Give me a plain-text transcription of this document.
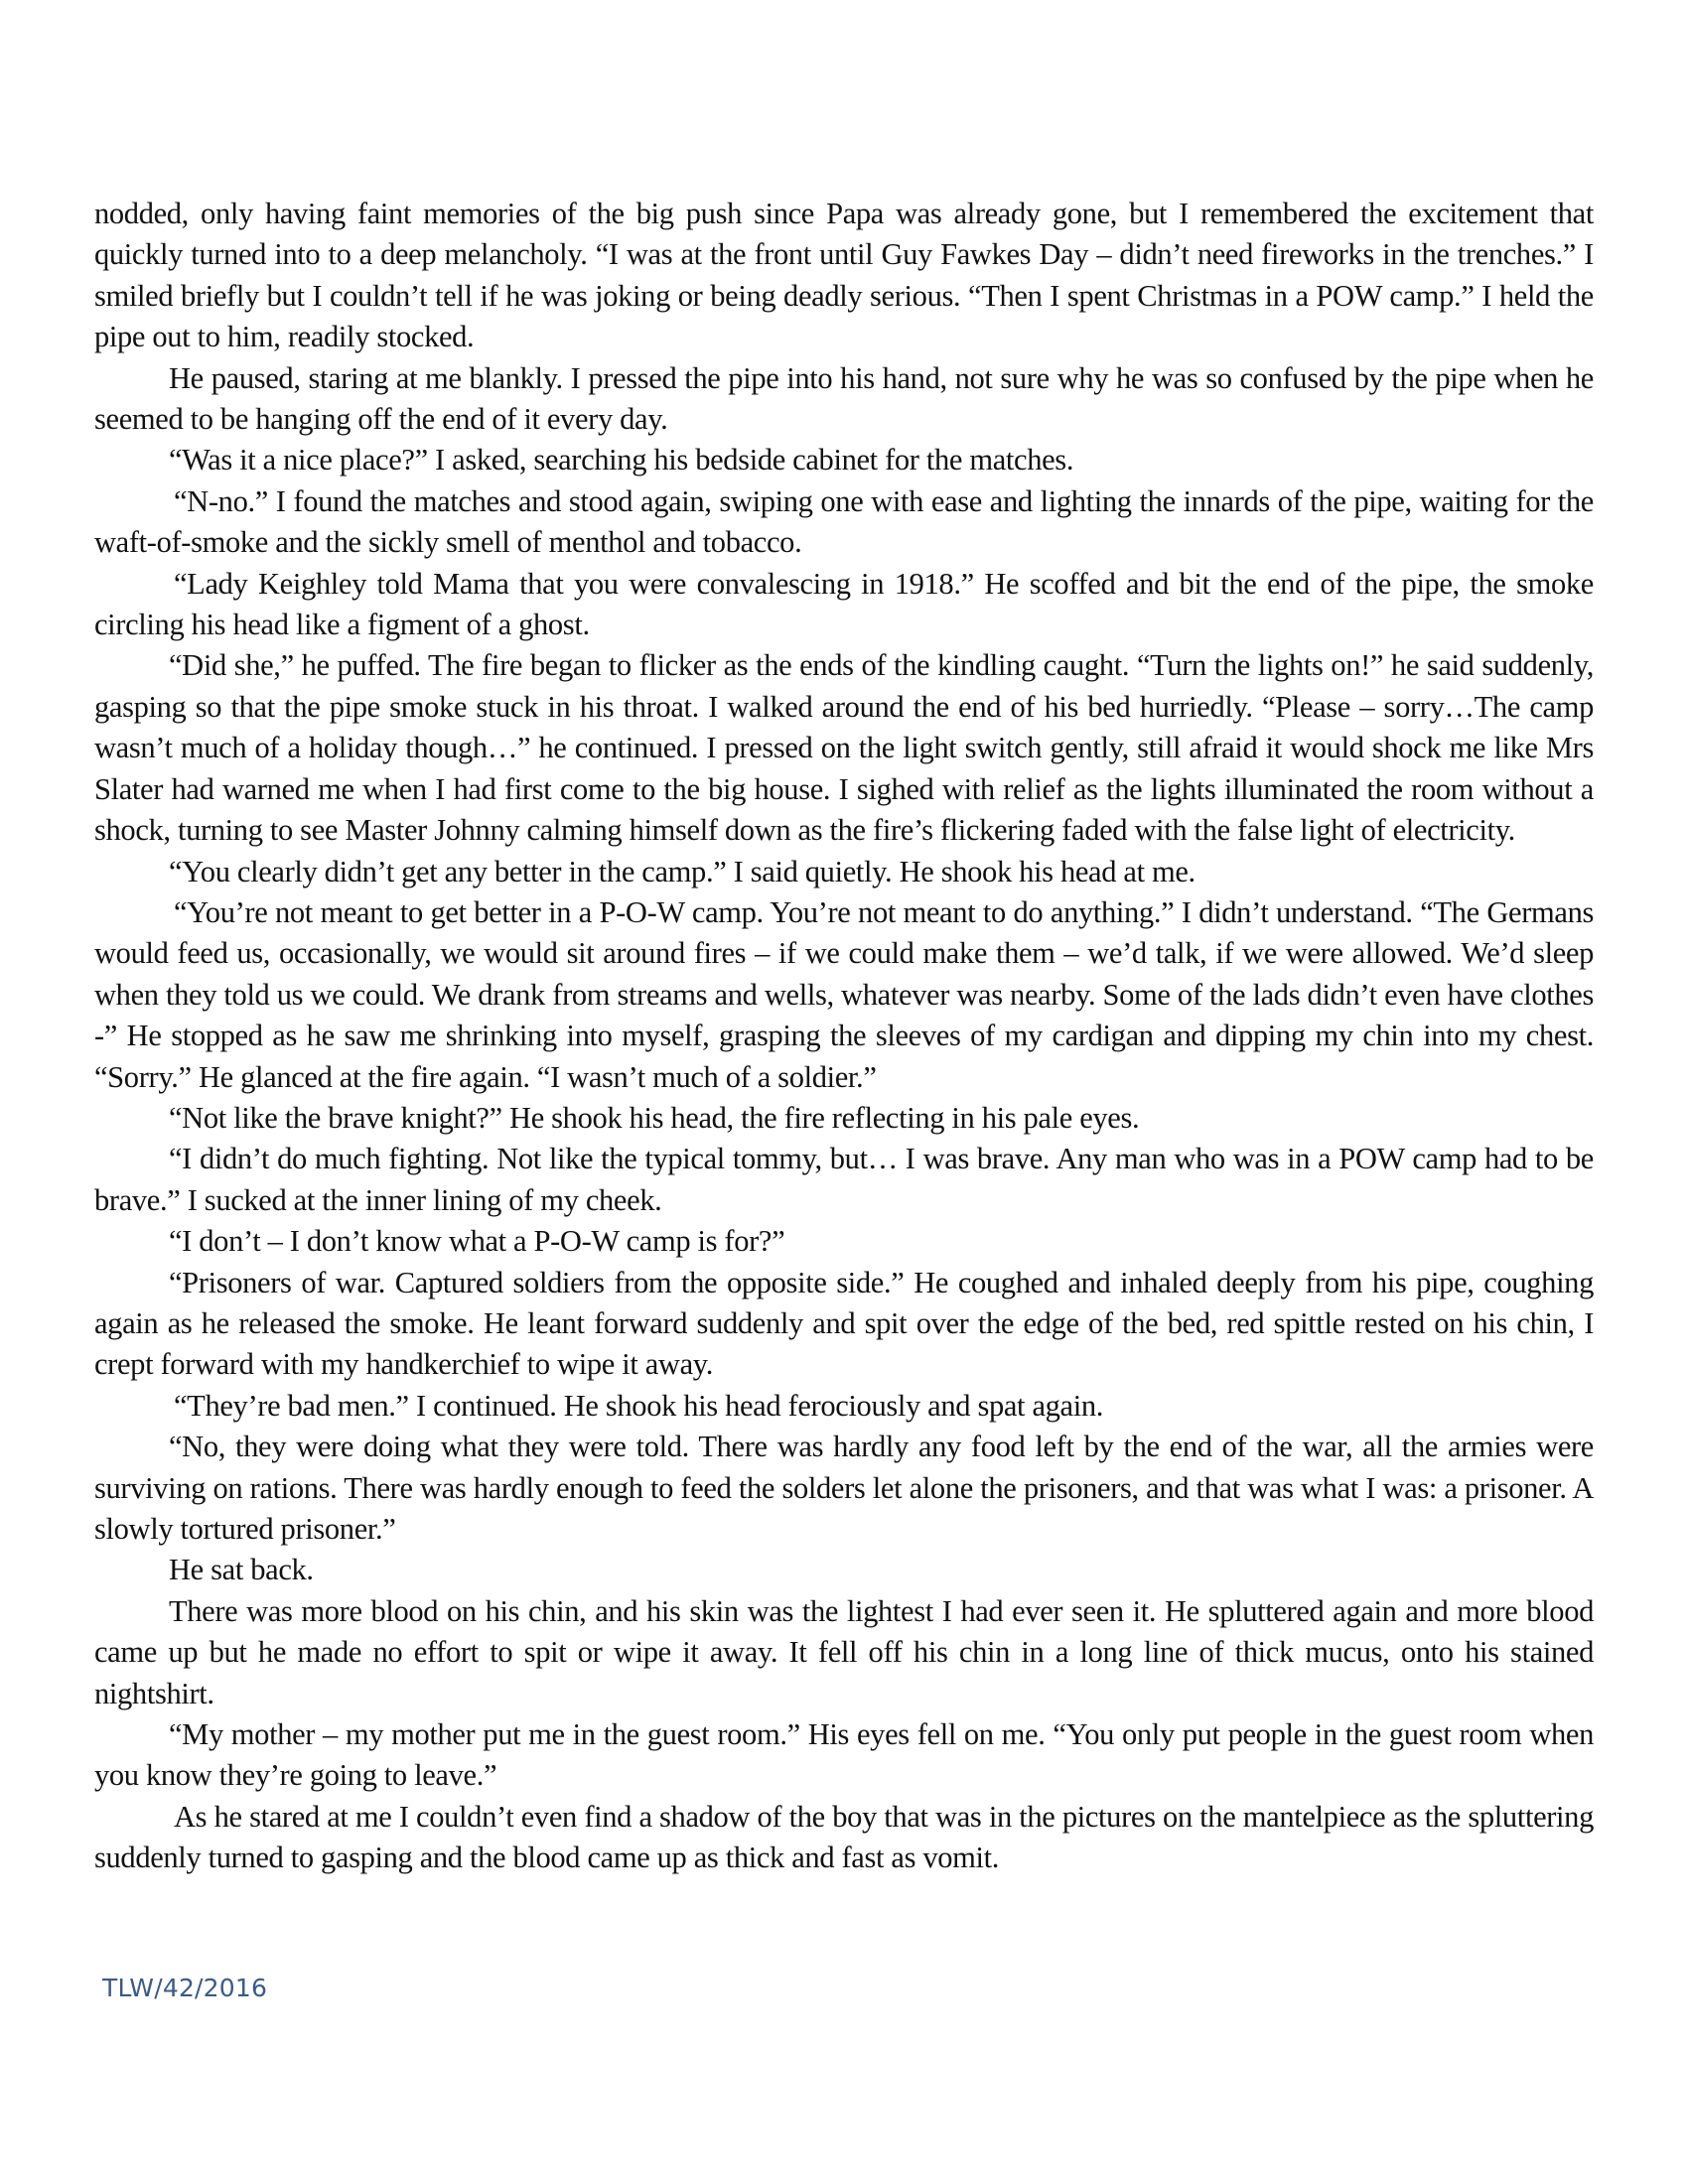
nodded, only having faint memories of the big push since Papa was already gone, but I remembered the excitement that quickly turned into to a deep melancholy. “I was at the front until Guy Fawkes Day – didn’t need fireworks in the trenches.” I smiled briefly but I couldn’t tell if he was joking or being deadly serious. “Then I spent Christmas in a POW camp.” I held the pipe out to him, readily stocked.

He paused, staring at me blankly. I pressed the pipe into his hand, not sure why he was so confused by the pipe when he seemed to be hanging off the end of it every day.

“Was it a nice place?” I asked, searching his bedside cabinet for the matches.

“N-no.” I found the matches and stood again, swiping one with ease and lighting the innards of the pipe, waiting for the waft-of-smoke and the sickly smell of menthol and tobacco.

“Lady Keighley told Mama that you were convalescing in 1918.” He scoffed and bit the end of the pipe, the smoke circling his head like a figment of a ghost.

“Did she,” he puffed. The fire began to flicker as the ends of the kindling caught. “Turn the lights on!” he said suddenly, gasping so that the pipe smoke stuck in his throat. I walked around the end of his bed hurriedly. “Please – sorry…The camp wasn’t much of a holiday though…” he continued. I pressed on the light switch gently, still afraid it would shock me like Mrs Slater had warned me when I had first come to the big house. I sighed with relief as the lights illuminated the room without a shock, turning to see Master Johnny calming himself down as the fire’s flickering faded with the false light of electricity.

“You clearly didn’t get any better in the camp.” I said quietly. He shook his head at me.

“You’re not meant to get better in a P-O-W camp. You’re not meant to do anything.” I didn’t understand. “The Germans would feed us, occasionally, we would sit around fires – if we could make them – we’d talk, if we were allowed. We’d sleep when they told us we could. We drank from streams and wells, whatever was nearby. Some of the lads didn’t even have clothes -” He stopped as he saw me shrinking into myself, grasping the sleeves of my cardigan and dipping my chin into my chest. “Sorry.” He glanced at the fire again. “I wasn’t much of a soldier.”

“Not like the brave knight?” He shook his head, the fire reflecting in his pale eyes.

“I didn’t do much fighting. Not like the typical tommy, but… I was brave. Any man who was in a POW camp had to be brave.” I sucked at the inner lining of my cheek.

“I don’t – I don’t know what a P-O-W camp is for?”

“Prisoners of war. Captured soldiers from the opposite side.” He coughed and inhaled deeply from his pipe, coughing again as he released the smoke. He leant forward suddenly and spit over the edge of the bed, red spittle rested on his chin, I crept forward with my handkerchief to wipe it away.

“They’re bad men.” I continued. He shook his head ferociously and spat again.

“No, they were doing what they were told. There was hardly any food left by the end of the war, all the armies were surviving on rations. There was hardly enough to feed the solders let alone the prisoners, and that was what I was: a prisoner. A slowly tortured prisoner.”

He sat back.

There was more blood on his chin, and his skin was the lightest I had ever seen it. He spluttered again and more blood came up but he made no effort to spit or wipe it away. It fell off his chin in a long line of thick mucus, onto his stained nightshirt.

“My mother – my mother put me in the guest room.” His eyes fell on me. “You only put people in the guest room when you know they’re going to leave.”

As he stared at me I couldn’t even find a shadow of the boy that was in the pictures on the mantelpiece as the spluttering suddenly turned to gasping and the blood came up as thick and fast as vomit.

TLW/42/2016
